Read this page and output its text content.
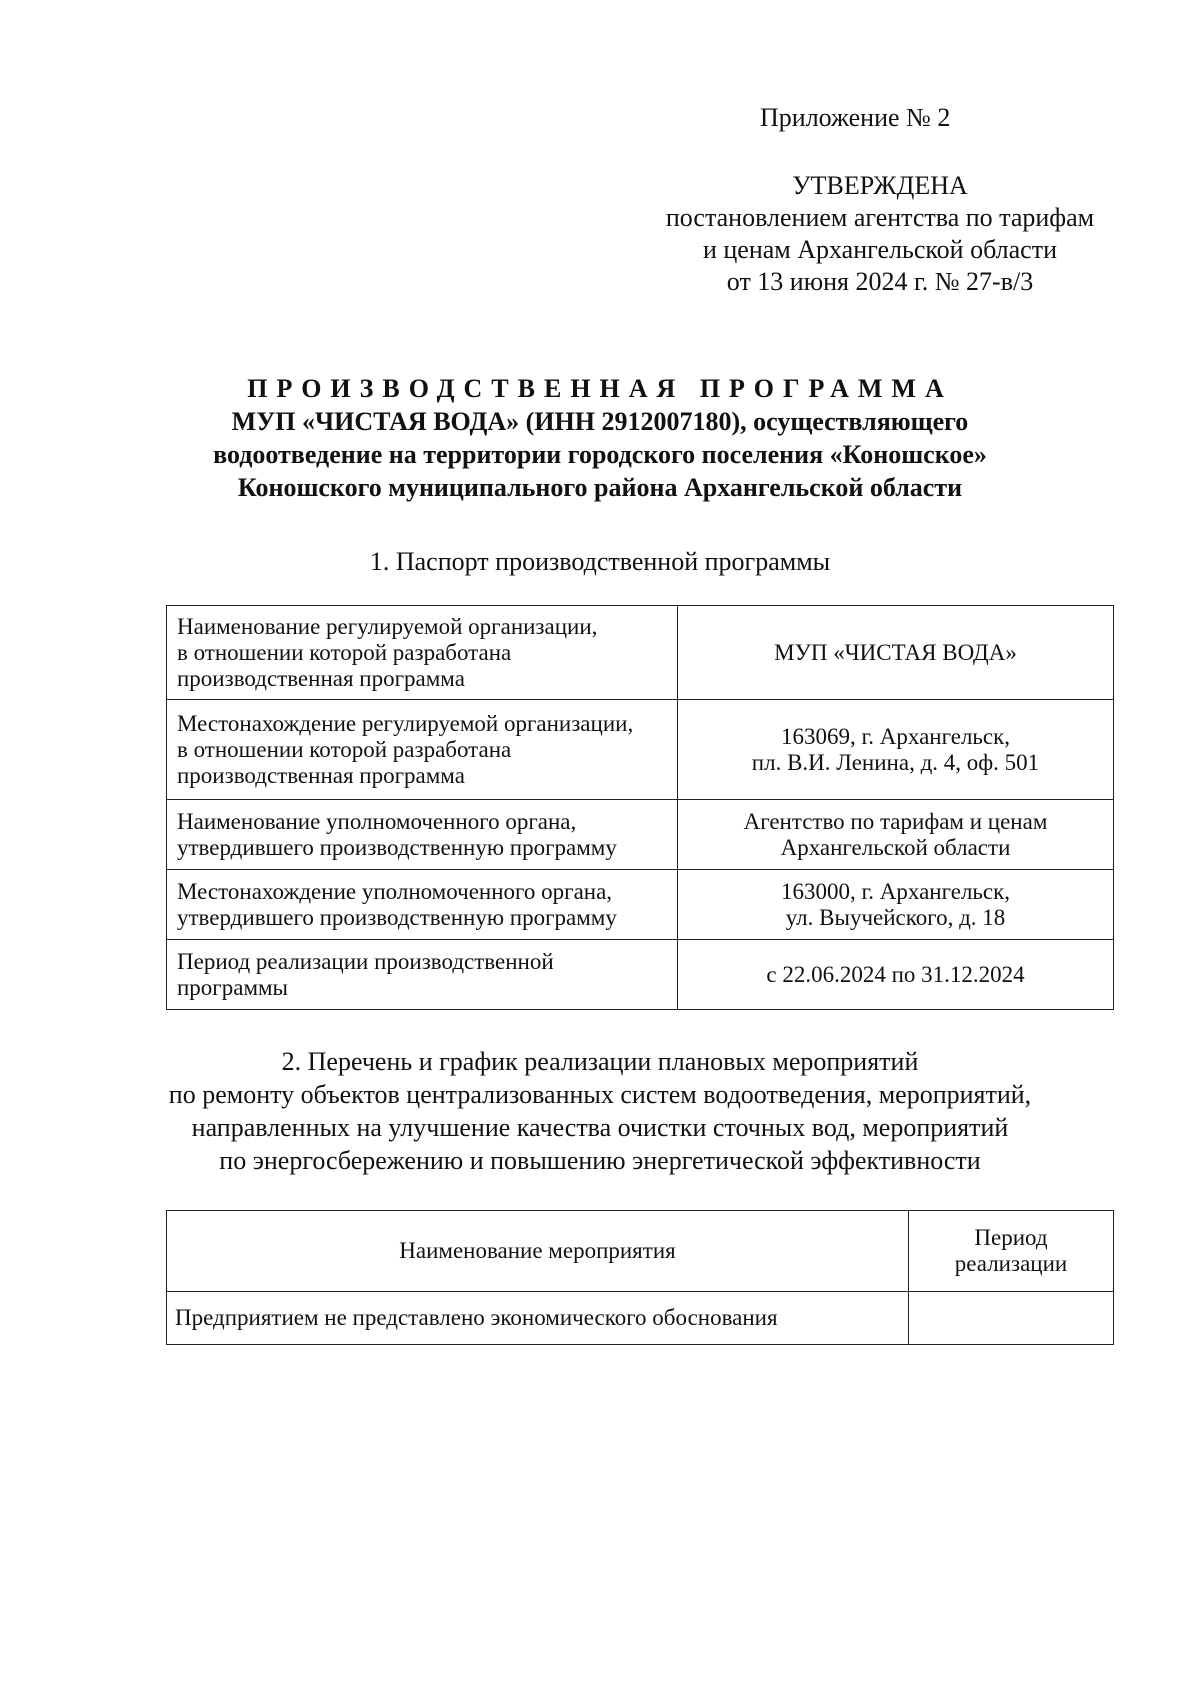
Приложение № 2
УТВЕРЖДЕНА
постановлением агентства по тарифам
и ценам Архангельской области
от 13 июня 2024 г. № 27-в/3
ПРОИЗВОДСТВЕННАЯ ПРОГРАММА
МУП «ЧИСТАЯ ВОДА» (ИНН 2912007180), осуществляющего
водоотведение на территории городского поселения «Коношское»
Коношского муниципального района Архангельской области
1. Паспорт производственной программы
Наименование регулируемой организации,
в отношении которой разработана
производственная программа	МУП «ЧИСТАЯ ВОДА»

Местонахождение регулируемой организации,
в отношении которой разработана
производственная программа	163069, г. Архангельск,
пл. В.И. Ленина, д. 4, оф. 501

Наименование уполномоченного органа,
утвердившего производственную программу	Агентство по тарифам и ценам
Архангельской области

Местонахождение уполномоченного органа,
утвердившего производственную программу	163000, г. Архангельск,
ул. Выучейского, д. 18

Период реализации производственной
программы	с 22.06.2024 по 31.12.2024
2. Перечень и график реализации плановых мероприятий
по ремонту объектов централизованных систем водоотведения, мероприятий,
направленных на улучшение качества очистки сточных вод, мероприятий
по энергосбережению и повышению энергетической эффективности
Наименование мероприятия	Период
реализации

Предприятием не представлено экономического обоснования	
